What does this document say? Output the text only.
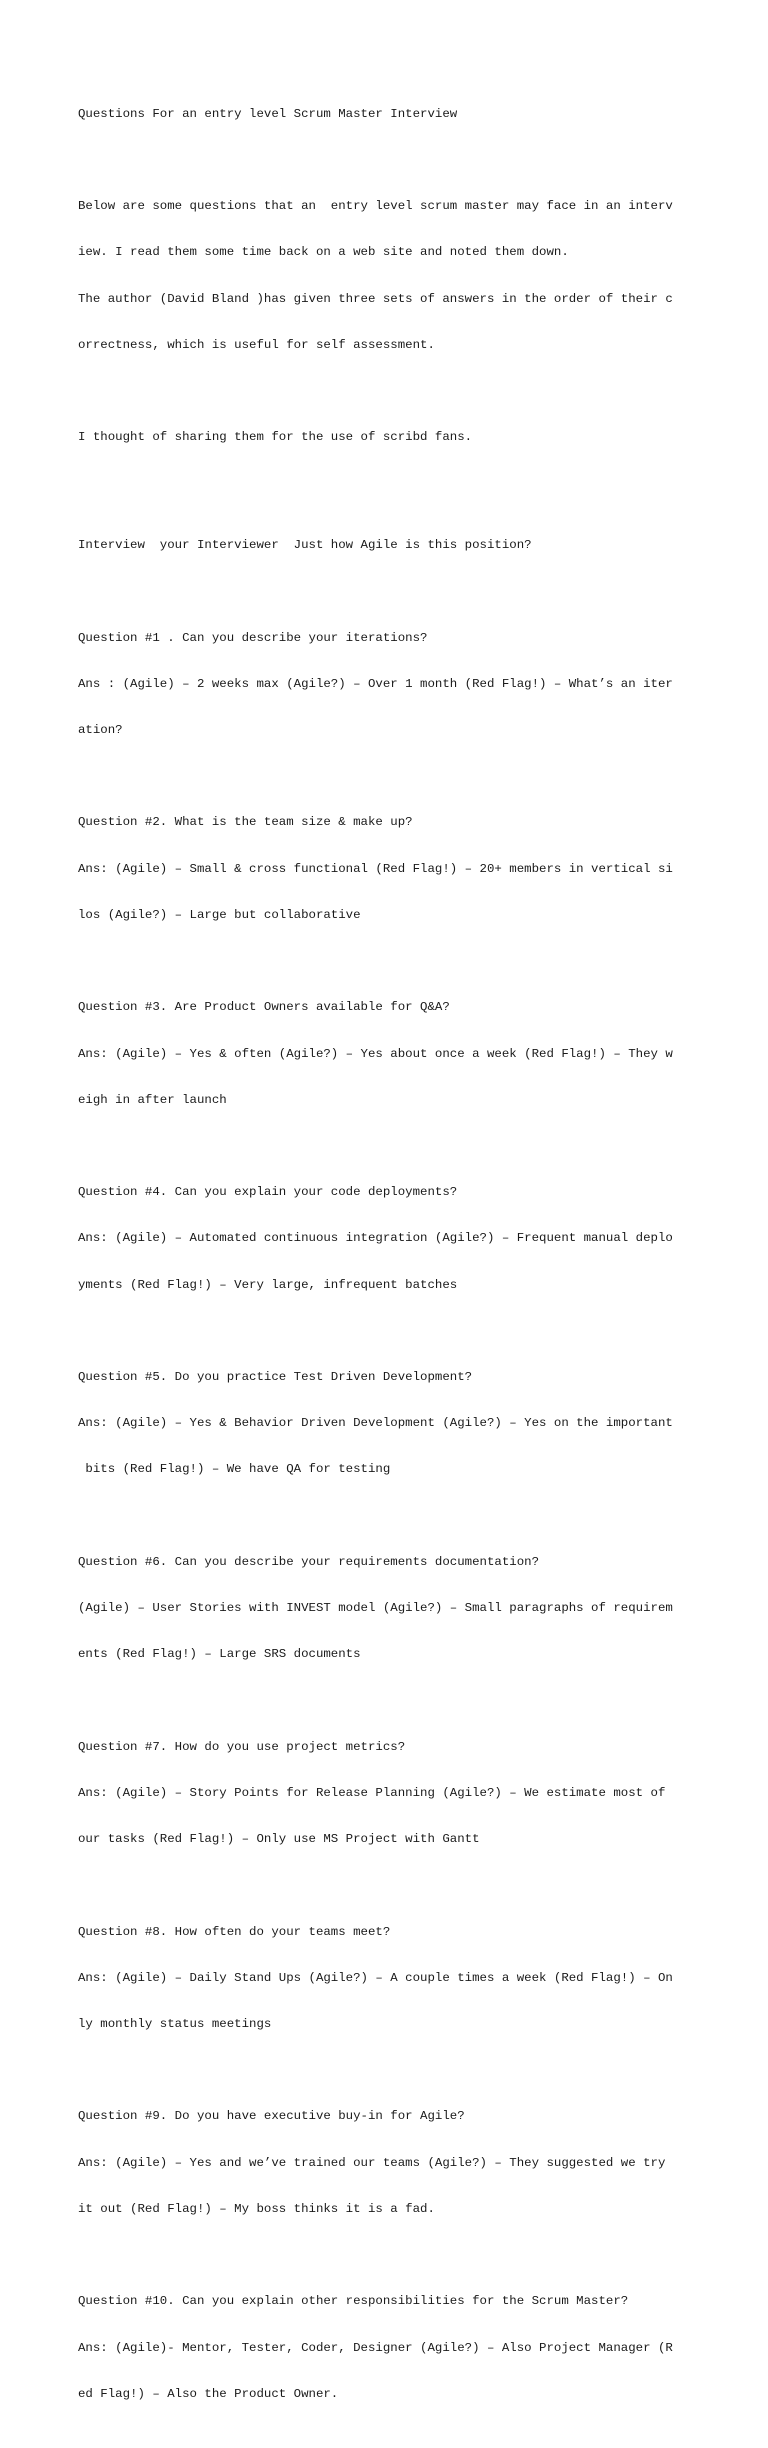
Questions For an entry level Scrum Master Interview

Below are some questions that an  entry level scrum master may face in an interv

iew. I read them some time back on a web site and noted them down.

The author (David Bland )has given three sets of answers in the order of their c

orrectness, which is useful for self assessment.

I thought of sharing them for the use of scribd fans.

Interview  your Interviewer  Just how Agile is this position?

Question #1 . Can you describe your iterations?

Ans : (Agile) – 2 weeks max (Agile?) – Over 1 month (Red Flag!) – What’s an iter

ation?

Question #2. What is the team size & make up?

Ans: (Agile) – Small & cross functional (Red Flag!) – 20+ members in vertical si

los (Agile?) – Large but collaborative

Question #3. Are Product Owners available for Q&A?

Ans: (Agile) – Yes & often (Agile?) – Yes about once a week (Red Flag!) – They w

eigh in after launch

Question #4. Can you explain your code deployments?

Ans: (Agile) – Automated continuous integration (Agile?) – Frequent manual deplo

yments (Red Flag!) – Very large, infrequent batches

Question #5. Do you practice Test Driven Development?

Ans: (Agile) – Yes & Behavior Driven Development (Agile?) – Yes on the important

bits (Red Flag!) – We have QA for testing

Question #6. Can you describe your requirements documentation?

(Agile) – User Stories with INVEST model (Agile?) – Small paragraphs of requirem

ents (Red Flag!) – Large SRS documents

Question #7. How do you use project metrics?

Ans: (Agile) – Story Points for Release Planning (Agile?) – We estimate most of

our tasks (Red Flag!) – Only use MS Project with Gantt

Question #8. How often do your teams meet?

Ans: (Agile) – Daily Stand Ups (Agile?) – A couple times a week (Red Flag!) – On

ly monthly status meetings

Question #9. Do you have executive buy-in for Agile?

Ans: (Agile) – Yes and we’ve trained our teams (Agile?) – They suggested we try

it out (Red Flag!) – My boss thinks it is a fad.

Question #10. Can you explain other responsibilities for the Scrum Master?

Ans: (Agile)- Mentor, Tester, Coder, Designer (Agile?) – Also Project Manager (R

ed Flag!) – Also the Product Owner.
